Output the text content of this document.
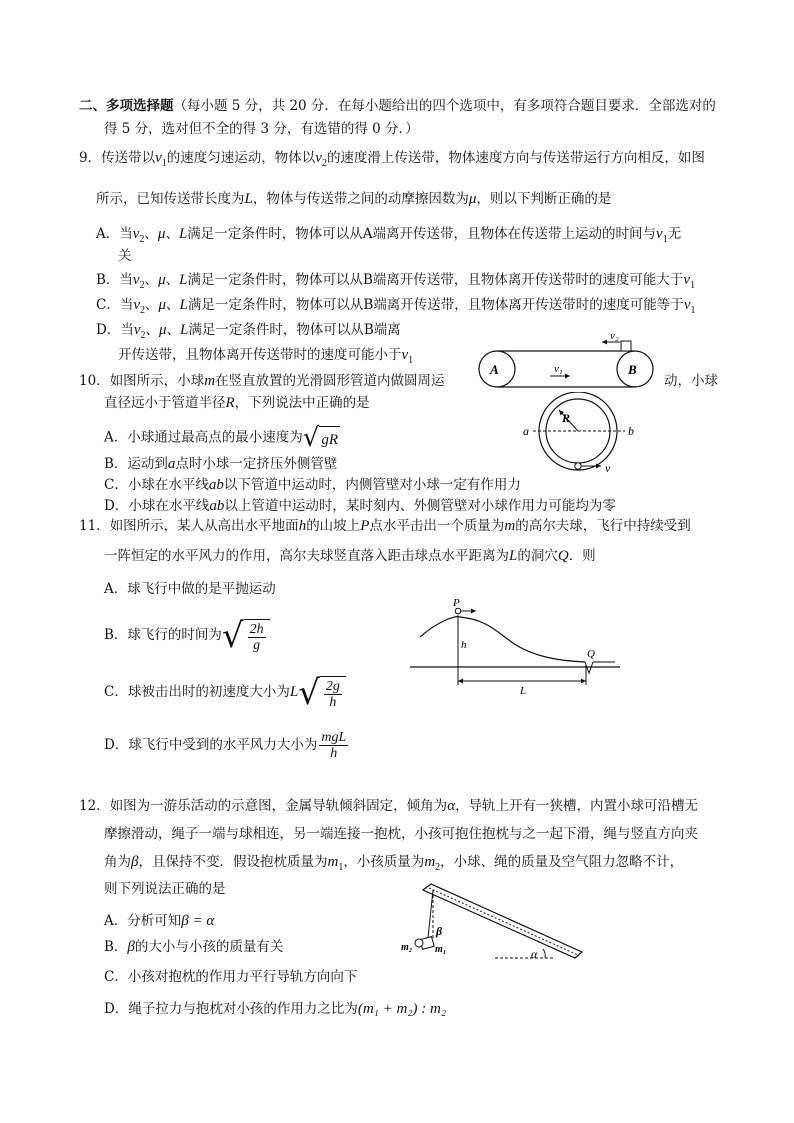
二、多项选择题（每小题 5 分，共 20 分．在每小题给出的四个选项中，有多项符合题目要求．全部选对的
得 5 分，选对但不全的得 3 分，有选错的得 0 分．）
9．传送带以$v_1$的速度匀速运动，物体以$v_2$的速度滑上传送带，物体速度方向与传送带运行方向相反，如图
所示，已知传送带长度为L，物体与传送带之间的动摩擦因数为μ，则以下判断正确的是
A．当$v_2$、μ、L满足一定条件时，物体可以从A端离开传送带，且物体在传送带上运动的时间与$v_1$无
关
B．当$v_2$、μ、L满足一定条件时，物体可以从B端离开传送带，且物体离开传送带时的速度可能大于$v_1$
C．当$v_2$、μ、L满足一定条件时，物体可以从B端离开传送带，且物体离开传送带时的速度可能等于$v_1$
D．当$v_2$、μ、L满足一定条件时，物体可以从B端离
开传送带，且物体离开传送带时的速度可能小于$v_1$
A	B
v₁
v₂
10．如图所示，小球m在竖直放置的光滑圆形管道内做圆周运	动，小球
直径远小于管道半径R，下列说法中正确的是
A．小球通过最高点的最小速度为 √ gR
B．运动到a点时小球一定挤压外侧管壁
C．小球在水平线ab以下管道中运动时，内侧管壁对小球一定有作用力
D．小球在水平线ab以上管道中运动时，某时刻内、外侧管壁对小球作用力可能均为零
R
a	b
v
11．如图所示，某人从高出水平地面h的山坡上P点水平击出一个质量为m的高尔夫球，飞行中持续受到
一阵恒定的水平风力的作用，高尔夫球竖直落入距击球点水平距离为L的洞穴Q．则
A．球飞行中做的是平抛运动
B．球飞行的时间为 √ $\frac{2h}{g}$
C．球被击出时的初速度大小为L √ $\frac{2g}{h}$
D．球飞行中受到的水平风力大小为 $\frac{\text{mgL}}{h}$
P
h
Q
L
12．如图为一游乐活动的示意图，金属导轨倾斜固定，倾角为α，导轨上开有一狭槽，内置小球可沿槽无
摩擦滑动，绳子一端与球相连，另一端连接一抱枕，小孩可抱住抱枕与之一起下滑，绳与竖直方向夹
角为β，且保持不变．假设抱枕质量为$m_1$，小孩质量为$m_2$，小球、绳的质量及空气阻力忽略不计，
则下列说法正确的是
A．分析可知β = α
B．β的大小与小孩的质量有关
C．小孩对抱枕的作用力平行导轨方向向下
D．绳子拉力与抱枕对小孩的作用力之比为(m₁ + m₂) : m₂
β
α
m₂ m₁
